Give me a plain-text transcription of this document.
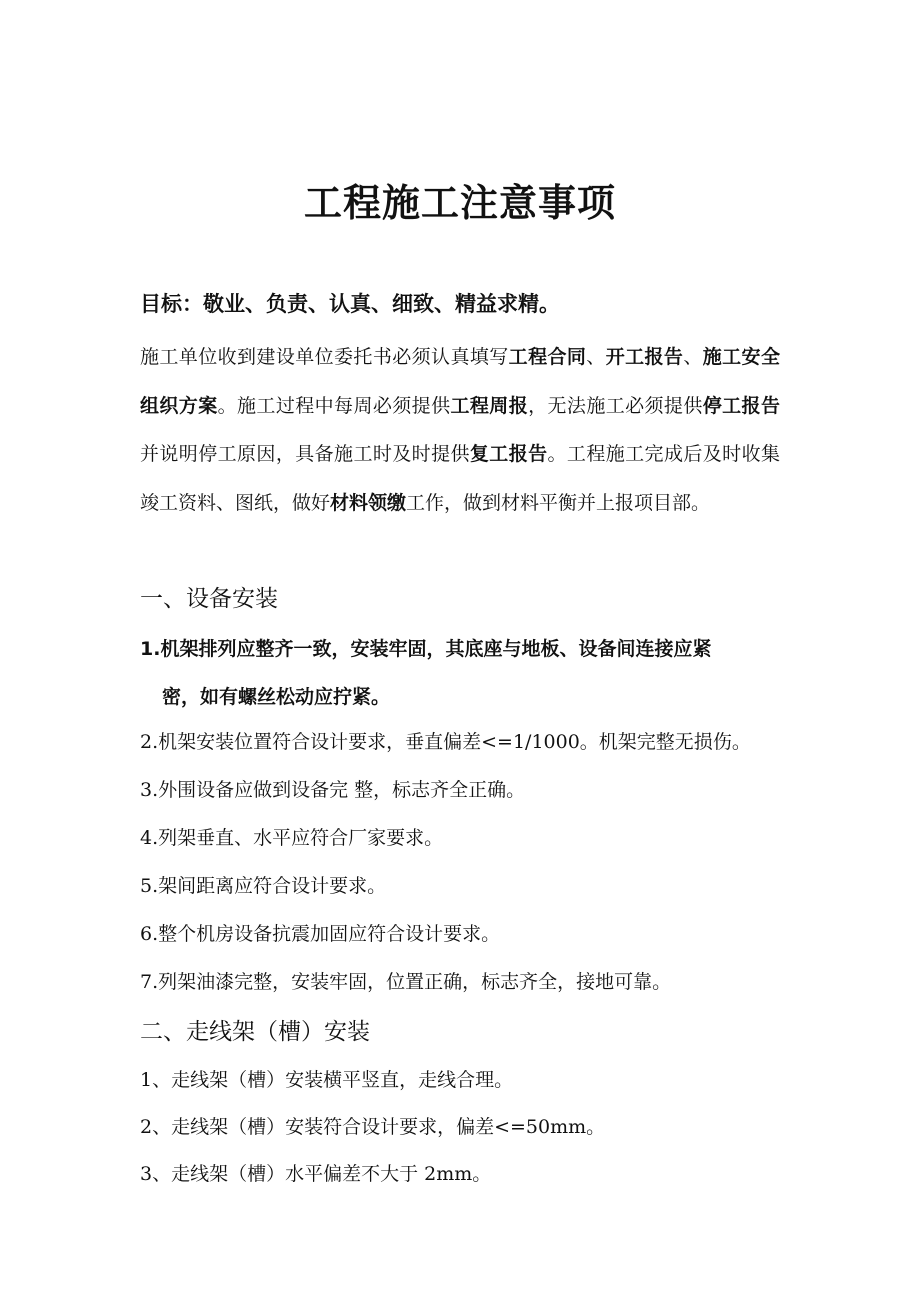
工程施工注意事项
目标：敬业、负责、认真、细致、精益求精。
施工单位收到建设单位委托书必须认真填写工程合同、开工报告、施工安全组织方案。施工过程中每周必须提供工程周报，无法施工必须提供停工报告并说明停工原因，具备施工时及时提供复工报告。工程施工完成后及时收集竣工资料、图纸，做好材料领缴工作，做到材料平衡并上报项目部。
一、设备安装
1.机架排列应整齐一致，安装牢固，其底座与地板、设备间连接应紧
密，如有螺丝松动应拧紧。
2.机架安装位置符合设计要求，垂直偏差<=1/1000。机架完整无损伤。
3.外围设备应做到设备完 整，标志齐全正确。
4.列架垂直、水平应符合厂家要求。
5.架间距离应符合设计要求。
6.整个机房设备抗震加固应符合设计要求。
7.列架油漆完整，安装牢固，位置正确，标志齐全，接地可靠。
二、走线架（槽）安装
1、走线架（槽）安装横平竖直，走线合理。
2、走线架（槽）安装符合设计要求，偏差<=50mm。
3、走线架（槽）水平偏差不大于 2mm。
